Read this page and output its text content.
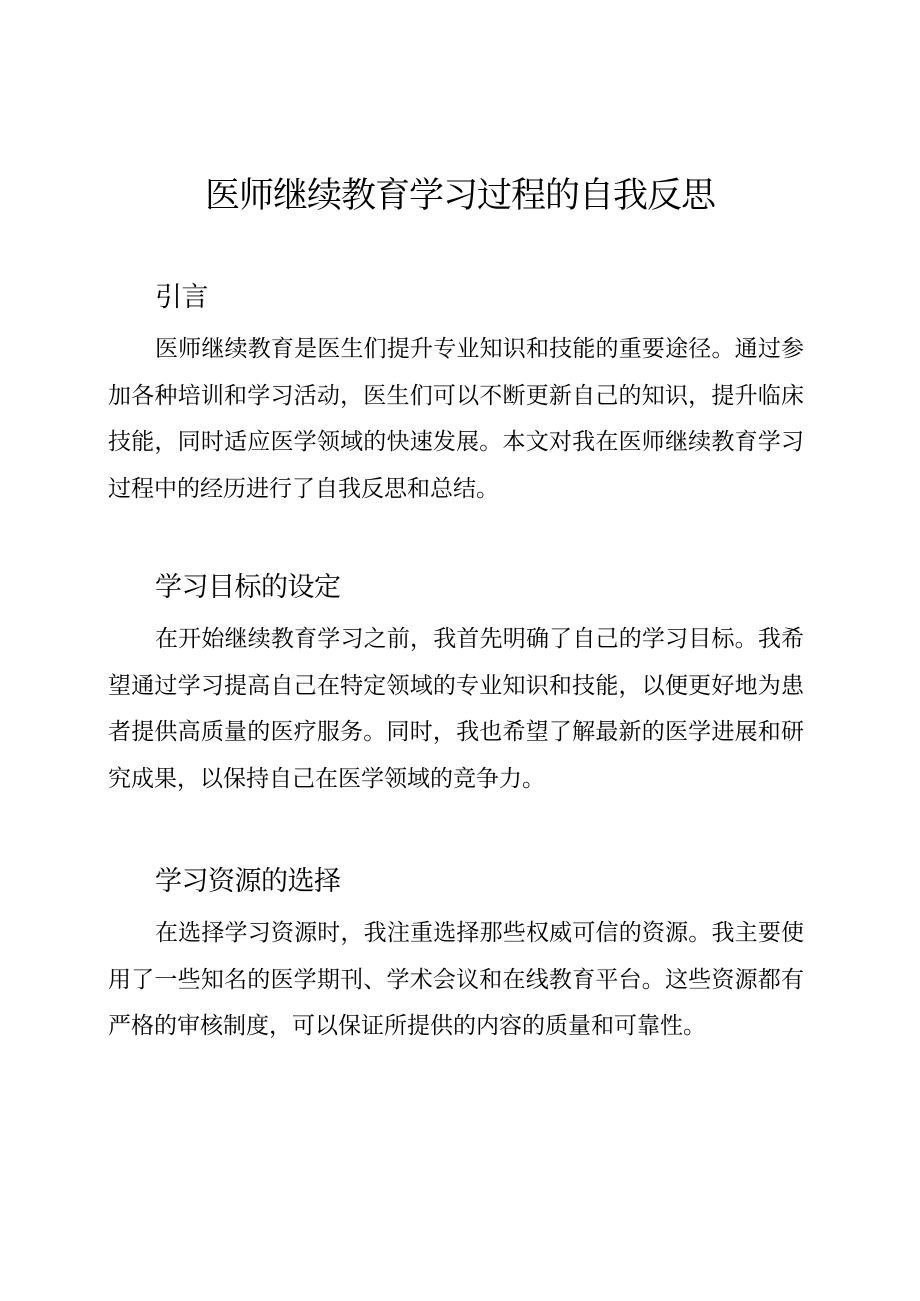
医师继续教育学习过程的自我反思
引言

医师继续教育是医生们提升专业知识和技能的重要途径。通过参加各种培训和学习活动，医生们可以不断更新自己的知识，提升临床技能，同时适应医学领域的快速发展。本文对我在医师继续教育学习过程中的经历进行了自我反思和总结。

学习目标的设定

在开始继续教育学习之前，我首先明确了自己的学习目标。我希望通过学习提高自己在特定领域的专业知识和技能，以便更好地为患者提供高质量的医疗服务。同时，我也希望了解最新的医学进展和研究成果，以保持自己在医学领域的竞争力。

学习资源的选择

在选择学习资源时，我注重选择那些权威可信的资源。我主要使用了一些知名的医学期刊、学术会议和在线教育平台。这些资源都有严格的审核制度，可以保证所提供的内容的质量和可靠性。
